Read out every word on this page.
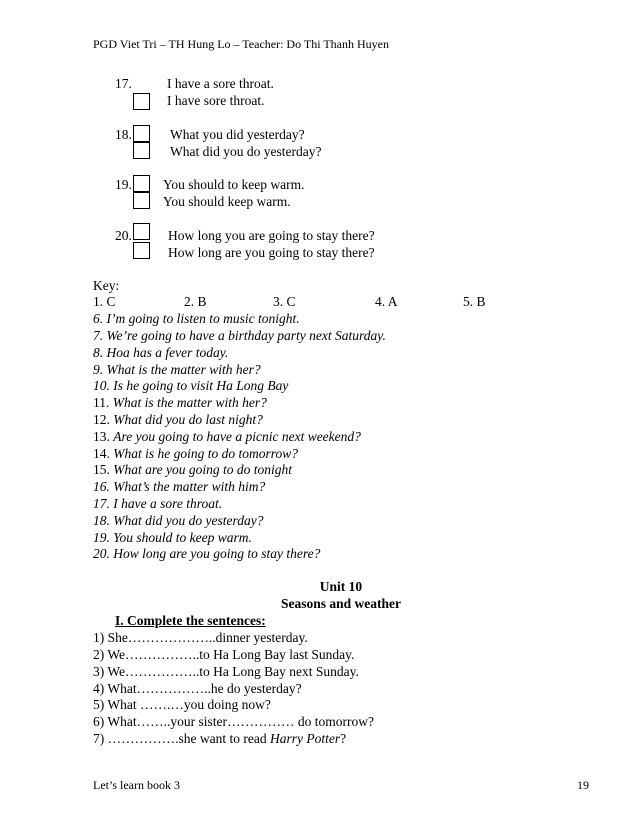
PGD Viet Tri – TH Hung Lo – Teacher: Do Thi Thanh Huyen
17.	I have a sore throat.
I have sore throat.
18.	What you did yesterday?
What did you do yesterday?
19. You should to keep warm.
You should keep warm.
20.	How long you are going to stay there?
How long are you going to stay there?
Key:
1. C	2. B	3. C	4. A	5. B
6. I’m going to listen to music tonight.
7. We’re going to have a birthday party next Saturday.
8. Hoa has a fever today.
9. What is the matter with her?
10. Is he going to visit Ha Long Bay
11. What is the matter with her?
12. What did you do last night?
13. Are you going to have a picnic next weekend?
14. What is he going to do tomorrow?
15. What are you going to do tonight
16. What’s the matter with him?
17. I have a sore throat.
18. What did you do yesterday?
19. You should to keep warm.
20. How long are you going to stay there?
Unit 10
Seasons and weather
I. Complete the sentences:
1) She………………..dinner yesterday.
2) We……………..to Ha Long Bay last Sunday.
3) We……………..to Ha Long Bay next Sunday.
4) What……………..he do yesterday?
5) What …….…you doing now?
6) What……..your sister…………… do tomorrow?
7) …………….she want to read Harry Potter?
Let’s learn book 3	19
